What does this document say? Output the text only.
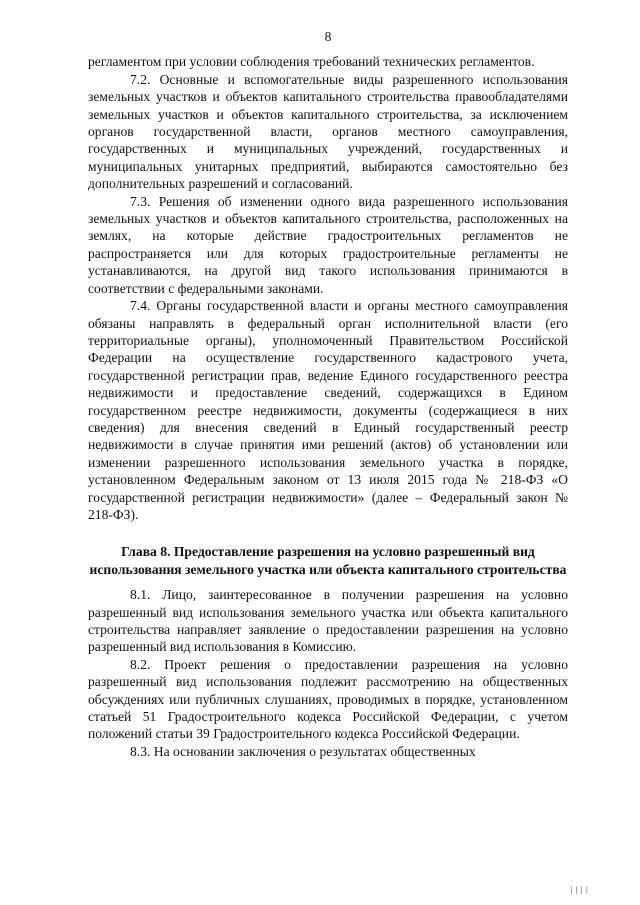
8

регламентом при условии соблюдения требований технических регламентов.

7.2. Основные и вспомогательные виды разрешенного использования земельных участков и объектов капитального строительства правообладателями земельных участков и объектов капитального строительства, за исключением органов государственной власти, органов местного самоуправления, государственных и муниципальных учреждений, государственных и муниципальных унитарных предприятий, выбираются самостоятельно без дополнительных разрешений и согласований.

7.3. Решения об изменении одного вида разрешенного использования земельных участков и объектов капитального строительства, расположенных на землях, на которые действие градостроительных регламентов не распространяется или для которых градостроительные регламенты не устанавливаются, на другой вид такого использования принимаются в соответствии с федеральными законами.

7.4. Органы государственной власти и органы местного самоуправления обязаны направлять в федеральный орган исполнительной власти (его территориальные органы), уполномоченный Правительством Российской Федерации на осуществление государственного кадастрового учета, государственной регистрации прав, ведение Единого государственного реестра недвижимости и предоставление сведений, содержащихся в Едином государственном реестре недвижимости, документы (содержащиеся в них сведения) для внесения сведений в Единый государственный реестр недвижимости в случае принятия ими решений (актов) об установлении или изменении разрешенного использования земельного участка в порядке, установленном Федеральным законом от 13 июля 2015 года № 218-ФЗ «О государственной регистрации недвижимости» (далее – Федеральный закон № 218-ФЗ).

Глава 8. Предоставление разрешения на условно разрешенный вид использования земельного участка или объекта капитального строительства

8.1. Лицо, заинтересованное в получении разрешения на условно разрешенный вид использования земельного участка или объекта капитального строительства направляет заявление о предоставлении разрешения на условно разрешенный вид использования в Комиссию.

8.2. Проект решения о предоставлении разрешения на условно разрешенный вид использования подлежит рассмотрению на общественных обсуждениях или публичных слушаниях, проводимых в порядке, установленном статьей 51 Градостроительного кодекса Российской Федерации, с учетом положений статьи 39 Градостроительного кодекса Российской Федерации.

8.3. На основании заключения о результатах общественных

||||
